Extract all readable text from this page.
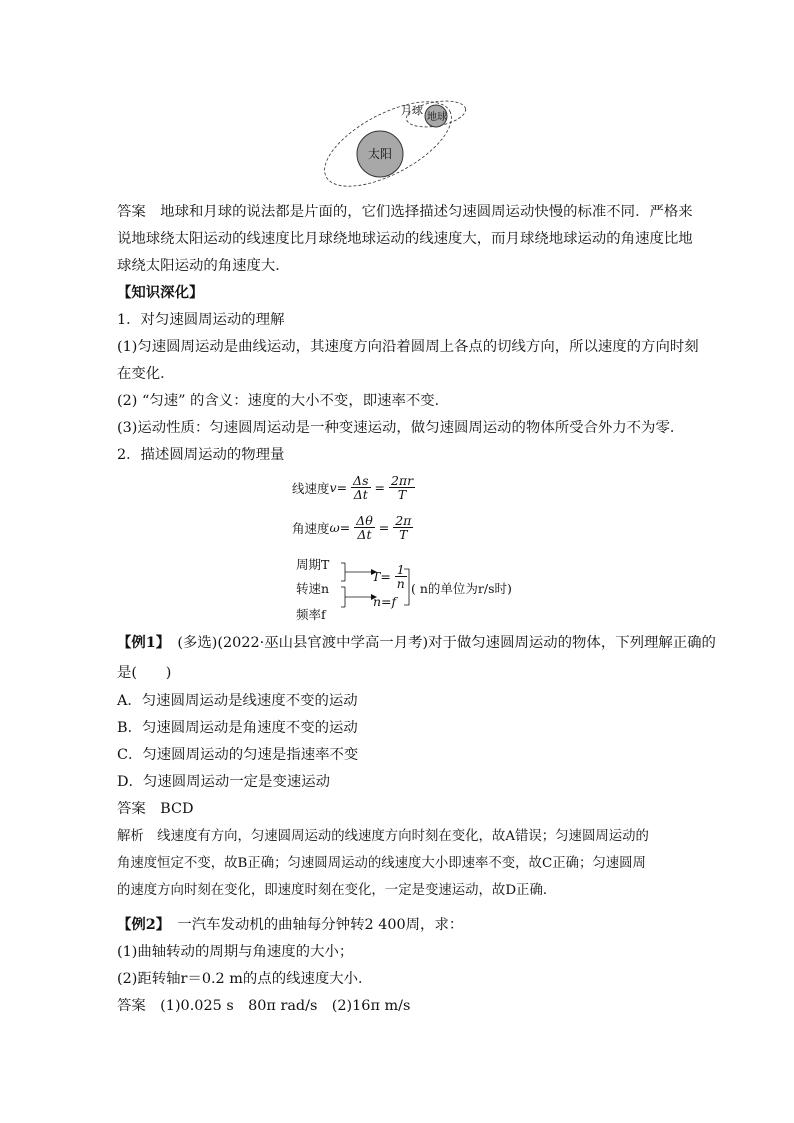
太阳
地球
月球
答案　地球和月球的说法都是片面的，它们选择描述匀速圆周运动快慢的标准不同．严格来
说地球绕太阳运动的线速度比月球绕地球运动的线速度大，而月球绕地球运动的角速度比地
球绕太阳运动的角速度大．
【知识深化】
1．对匀速圆周运动的理解
(1)匀速圆周运动是曲线运动，其速度方向沿着圆周上各点的切线方向，所以速度的方向时刻
在变化．
(2) “匀速” 的含义：速度的大小不变，即速率不变．
(3)运动性质：匀速圆周运动是一种变速运动，做匀速圆周运动的物体所受合外力不为零．
2．描述圆周运动的物理量
线速度$v= \frac{\Delta s}{\Delta t} = \frac{2\pi r}{T}$
角速度$\omega= \frac{\Delta\theta}{\Delta t} = \frac{2\pi}{T}$
周期T
转速n
频率f
$T= \frac{1}{n}$
n=f
( n的单位为r/s时)
【例1】　(多选)(2022·巫山县官渡中学高一月考)对于做匀速圆周运动的物体，下列理解正确的
是(　　)
A．匀速圆周运动是线速度不变的运动
B．匀速圆周运动是角速度不变的运动
C．匀速圆周运动的匀速是指速率不变
D．匀速圆周运动一定是变速运动
答案　BCD
解析　线速度有方向，匀速圆周运动的线速度方向时刻在变化，故A错误；匀速圆周运动的
角速度恒定不变，故B正确；匀速圆周运动的线速度大小即速率不变，故C正确；匀速圆周
的速度方向时刻在变化，即速度时刻在变化，一定是变速运动，故D正确．
【例2】　一汽车发动机的曲轴每分钟转2 400周，求：
(1)曲轴转动的周期与角速度的大小；
(2)距转轴r＝0.2 m的点的线速度大小．
答案　(1)0.025 s　80π rad/s　(2)16π m/s
